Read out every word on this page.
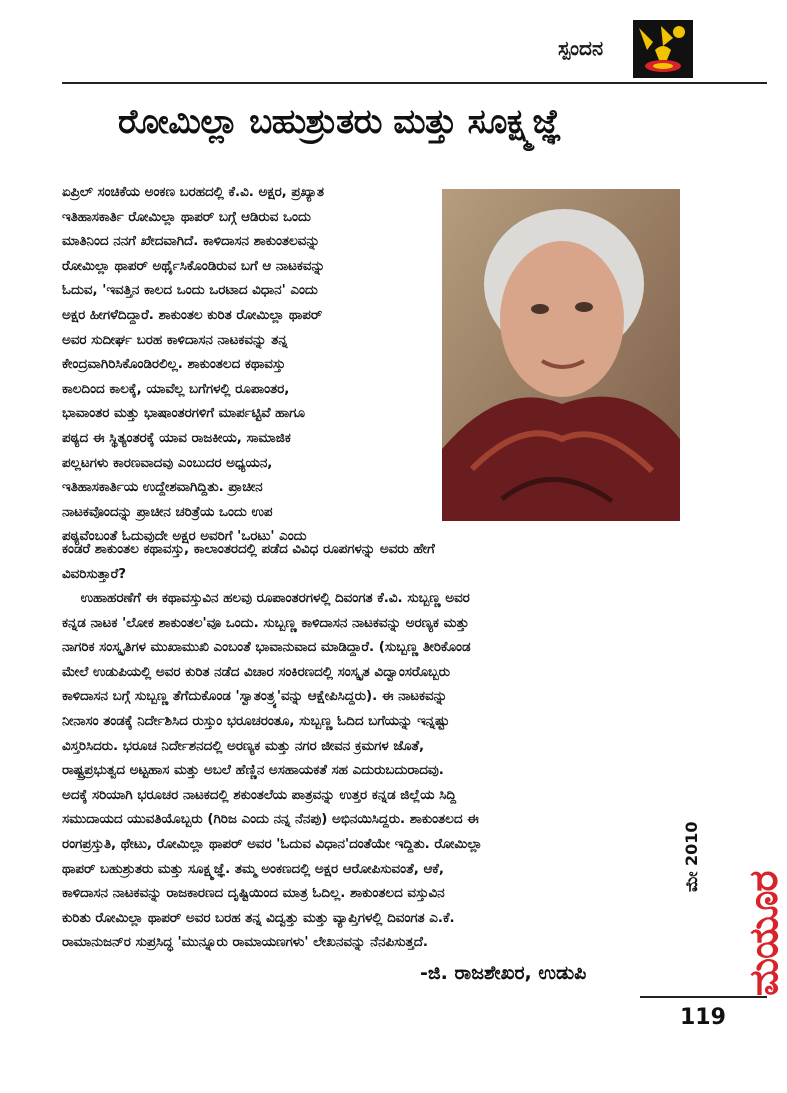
ಸ್ಪಂದನ
ರೋಮಿಲ್ಲಾ ಬಹುಶ್ರುತರು ಮತ್ತು ಸೂಕ್ಷ್ಮಜ್ಞೆ
ಏಪ್ರಿಲ್ ಸಂಚಿಕೆಯ ಅಂಕಣ ಬರಹದಲ್ಲಿ ಕೆ.ವಿ. ಅಕ್ಷರ, ಪ್ರಖ್ಯಾತ
ಇತಿಹಾಸಕಾರ್ತಿ ರೋಮಿಲ್ಲಾ ಥಾಪರ್ ಬಗ್ಗೆ ಆಡಿರುವ ಒಂದು
ಮಾತಿನಿಂದ ನನಗೆ ಖೇದವಾಗಿದೆ. ಕಾಳಿದಾಸನ ಶಾಕುಂತಲವನ್ನು
ರೋಮಿಲ್ಲಾ ಥಾಪರ್ ಅರ್ಥೈಸಿಕೊಂಡಿರುವ ಬಗೆ ಆ ನಾಟಕವನ್ನು
ಓದುವ, 'ಇವತ್ತಿನ ಕಾಲದ ಒಂದು ಒರಟಾದ ವಿಧಾನ' ಎಂದು
ಅಕ್ಷರ ಹೀಗಳೆದಿದ್ದಾರೆ. ಶಾಕುಂತಲ ಕುರಿತ ರೋಮಿಲ್ಲಾ ಥಾಪರ್
ಅವರ ಸುದೀರ್ಘ ಬರಹ ಕಾಳಿದಾಸನ ನಾಟಕವನ್ನು ತನ್ನ
ಕೇಂದ್ರವಾಗಿರಿಸಿಕೊಂಡಿರಲಿಲ್ಲ. ಶಾಕುಂತಲದ ಕಥಾವಸ್ತು
ಕಾಲದಿಂದ ಕಾಲಕ್ಕೆ, ಯಾವೆಲ್ಲ ಬಗೆಗಳಲ್ಲಿ ರೂಪಾಂತರ,
ಭಾವಾಂತರ ಮತ್ತು ಭಾಷಾಂತರಗಳಿಗೆ ಮಾರ್ಪಟ್ಟಿವೆ ಹಾಗೂ
ಪಠ್ಯದ ಈ ಸ್ಥಿತ್ಯಂತರಕ್ಕೆ ಯಾವ ರಾಜಕೀಯ, ಸಾಮಾಜಿಕ
ಪಲ್ಲಟಗಳು ಕಾರಣವಾದವು ಎಂಬುದರ ಅಧ್ಯಯನ,
ಇತಿಹಾಸಕಾರ್ತಿಯ ಉದ್ದೇಶವಾಗಿದ್ದಿತು. ಪ್ರಾಚೀನ
ನಾಟಕವೊಂದನ್ನು ಪ್ರಾಚೀನ ಚರಿತ್ರೆಯ ಒಂದು ಉಪ
ಪಠ್ಯವೆಂಬಂತೆ ಓದುವುದೇ ಅಕ್ಷರ ಅವರಿಗೆ 'ಒರಟು' ಎಂದು
ಕಂಡರೆ ಶಾಕುಂತಲ ಕಥಾವಸ್ತು, ಕಾಲಾಂತರದಲ್ಲಿ ಪಡೆದ ವಿವಿಧ ರೂಪಗಳನ್ನು ಅವರು ಹೇಗೆ
ವಿವರಿಸುತ್ತಾರೆ?
ಉಹಾಹರಣೆಗೆ ಈ ಕಥಾವಸ್ತುವಿನ ಹಲವು ರೂಪಾಂತರಗಳಲ್ಲಿ ದಿವಂಗತ ಕೆ.ವಿ. ಸುಬ್ಬಣ್ಣ ಅವರ
ಕನ್ನಡ ನಾಟಕ 'ಲೋಕ ಶಾಕುಂತಲ'ವೂ ಒಂದು. ಸುಬ್ಬಣ್ಣ ಕಾಳಿದಾಸನ ನಾಟಕವನ್ನು ಅರಣ್ಯಕ ಮತ್ತು
ನಾಗರಿಕ ಸಂಸ್ಕೃತಿಗಳ ಮುಖಾಮುಖಿ ಎಂಬಂತೆ ಭಾವಾನುವಾದ ಮಾಡಿದ್ದಾರೆ. (ಸುಬ್ಬಣ್ಣ ತೀರಿಕೊಂಡ
ಮೇಲೆ ಉಡುಪಿಯಲ್ಲಿ ಅವರ ಕುರಿತ ನಡೆದ ವಿಚಾರ ಸಂಕಿರಣದಲ್ಲಿ ಸಂಸ್ಕೃತ ವಿದ್ವಾಂಸರೊಬ್ಬರು
ಕಾಳಿದಾಸನ ಬಗ್ಗೆ ಸುಬ್ಬಣ್ಣ ತೆಗೆದುಕೊಂಡ 'ಸ್ವಾತಂತ್ರ್ಯ'ವನ್ನು ಆಕ್ಷೇಪಿಸಿದ್ದರು). ಈ ನಾಟಕವನ್ನು
ನೀನಾಸಂ ತಂಡಕ್ಕೆ ನಿರ್ದೇಶಿಸಿದ ರುಸ್ತುಂ ಭರೂಚರಂತೂ, ಸುಬ್ಬಣ್ಣ ಓದಿದ ಬಗೆಯನ್ನು ಇನ್ನಷ್ಟು
ವಿಸ್ತರಿಸಿದರು. ಭರೂಚ ನಿರ್ದೇಶನದಲ್ಲಿ ಅರಣ್ಯಕ ಮತ್ತು ನಗರ ಜೀವನ ಕ್ರಮಗಳ ಜೊತೆ,
ರಾಷ್ಟ್ರಪ್ರಭುತ್ವದ ಅಟ್ಟಹಾಸ ಮತ್ತು ಅಬಲೆ ಹೆಣ್ಣಿನ ಅಸಹಾಯಕತೆ ಸಹ ಎದುರುಬದುರಾದವು.
ಅದಕ್ಕೆ ಸರಿಯಾಗಿ ಭರೂಚರ ನಾಟಕದಲ್ಲಿ ಶಕುಂತಲೆಯ ಪಾತ್ರವನ್ನು ಉತ್ತರ ಕನ್ನಡ ಜಿಲ್ಲೆಯ ಸಿದ್ದಿ
ಸಮುದಾಯದ ಯುವತಿಯೊಬ್ಬರು (ಗಿರಿಜ ಎಂದು ನನ್ನ ನೆನಪು) ಅಭಿನಯಿಸಿದ್ದರು. ಶಾಕುಂತಲದ ಈ
ರಂಗಪ್ರಸ್ತುತಿ, ಥೇಟು, ರೋಮಿಲ್ಲಾ ಥಾಪರ್ ಅವರ 'ಓದುವ ವಿಧಾನ'ದಂತೆಯೇ ಇದ್ದಿತು. ರೋಮಿಲ್ಲಾ
ಥಾಪರ್ ಬಹುಶ್ರುತರು ಮತ್ತು ಸೂಕ್ಷ್ಮಜ್ಞೆ. ತಮ್ಮ ಅಂಕಣದಲ್ಲಿ ಅಕ್ಷರ ಆರೋಪಿಸುವಂತೆ, ಆಕೆ,
ಕಾಳಿದಾಸನ ನಾಟಕವನ್ನು ರಾಜಕಾರಣದ ದೃಷ್ಟಿಯಿಂದ ಮಾತ್ರ ಓದಿಲ್ಲ. ಶಾಕುಂತಲದ ವಸ್ತುವಿನ
ಕುರಿತು ರೋಮಿಲ್ಲಾ ಥಾಪರ್ ಅವರ ಬರಹ ತನ್ನ ವಿದ್ವತ್ತು ಮತ್ತು ವ್ಯಾಪ್ತಿಗಳಲ್ಲಿ ದಿವಂಗತ ಎ.ಕೆ.
ರಾಮಾನುಜನ್‌ರ ಸುಪ್ರಸಿದ್ಧ 'ಮುನ್ನೂರು ರಾಮಾಯಣಗಳು' ಲೇಖನವನ್ನು ನೆನಪಿಸುತ್ತದೆ.
-ಜಿ. ರಾಜಶೇಖರ, ಉಡುಪಿ	ಮಯೂರ
ಮೇ 2010
119
